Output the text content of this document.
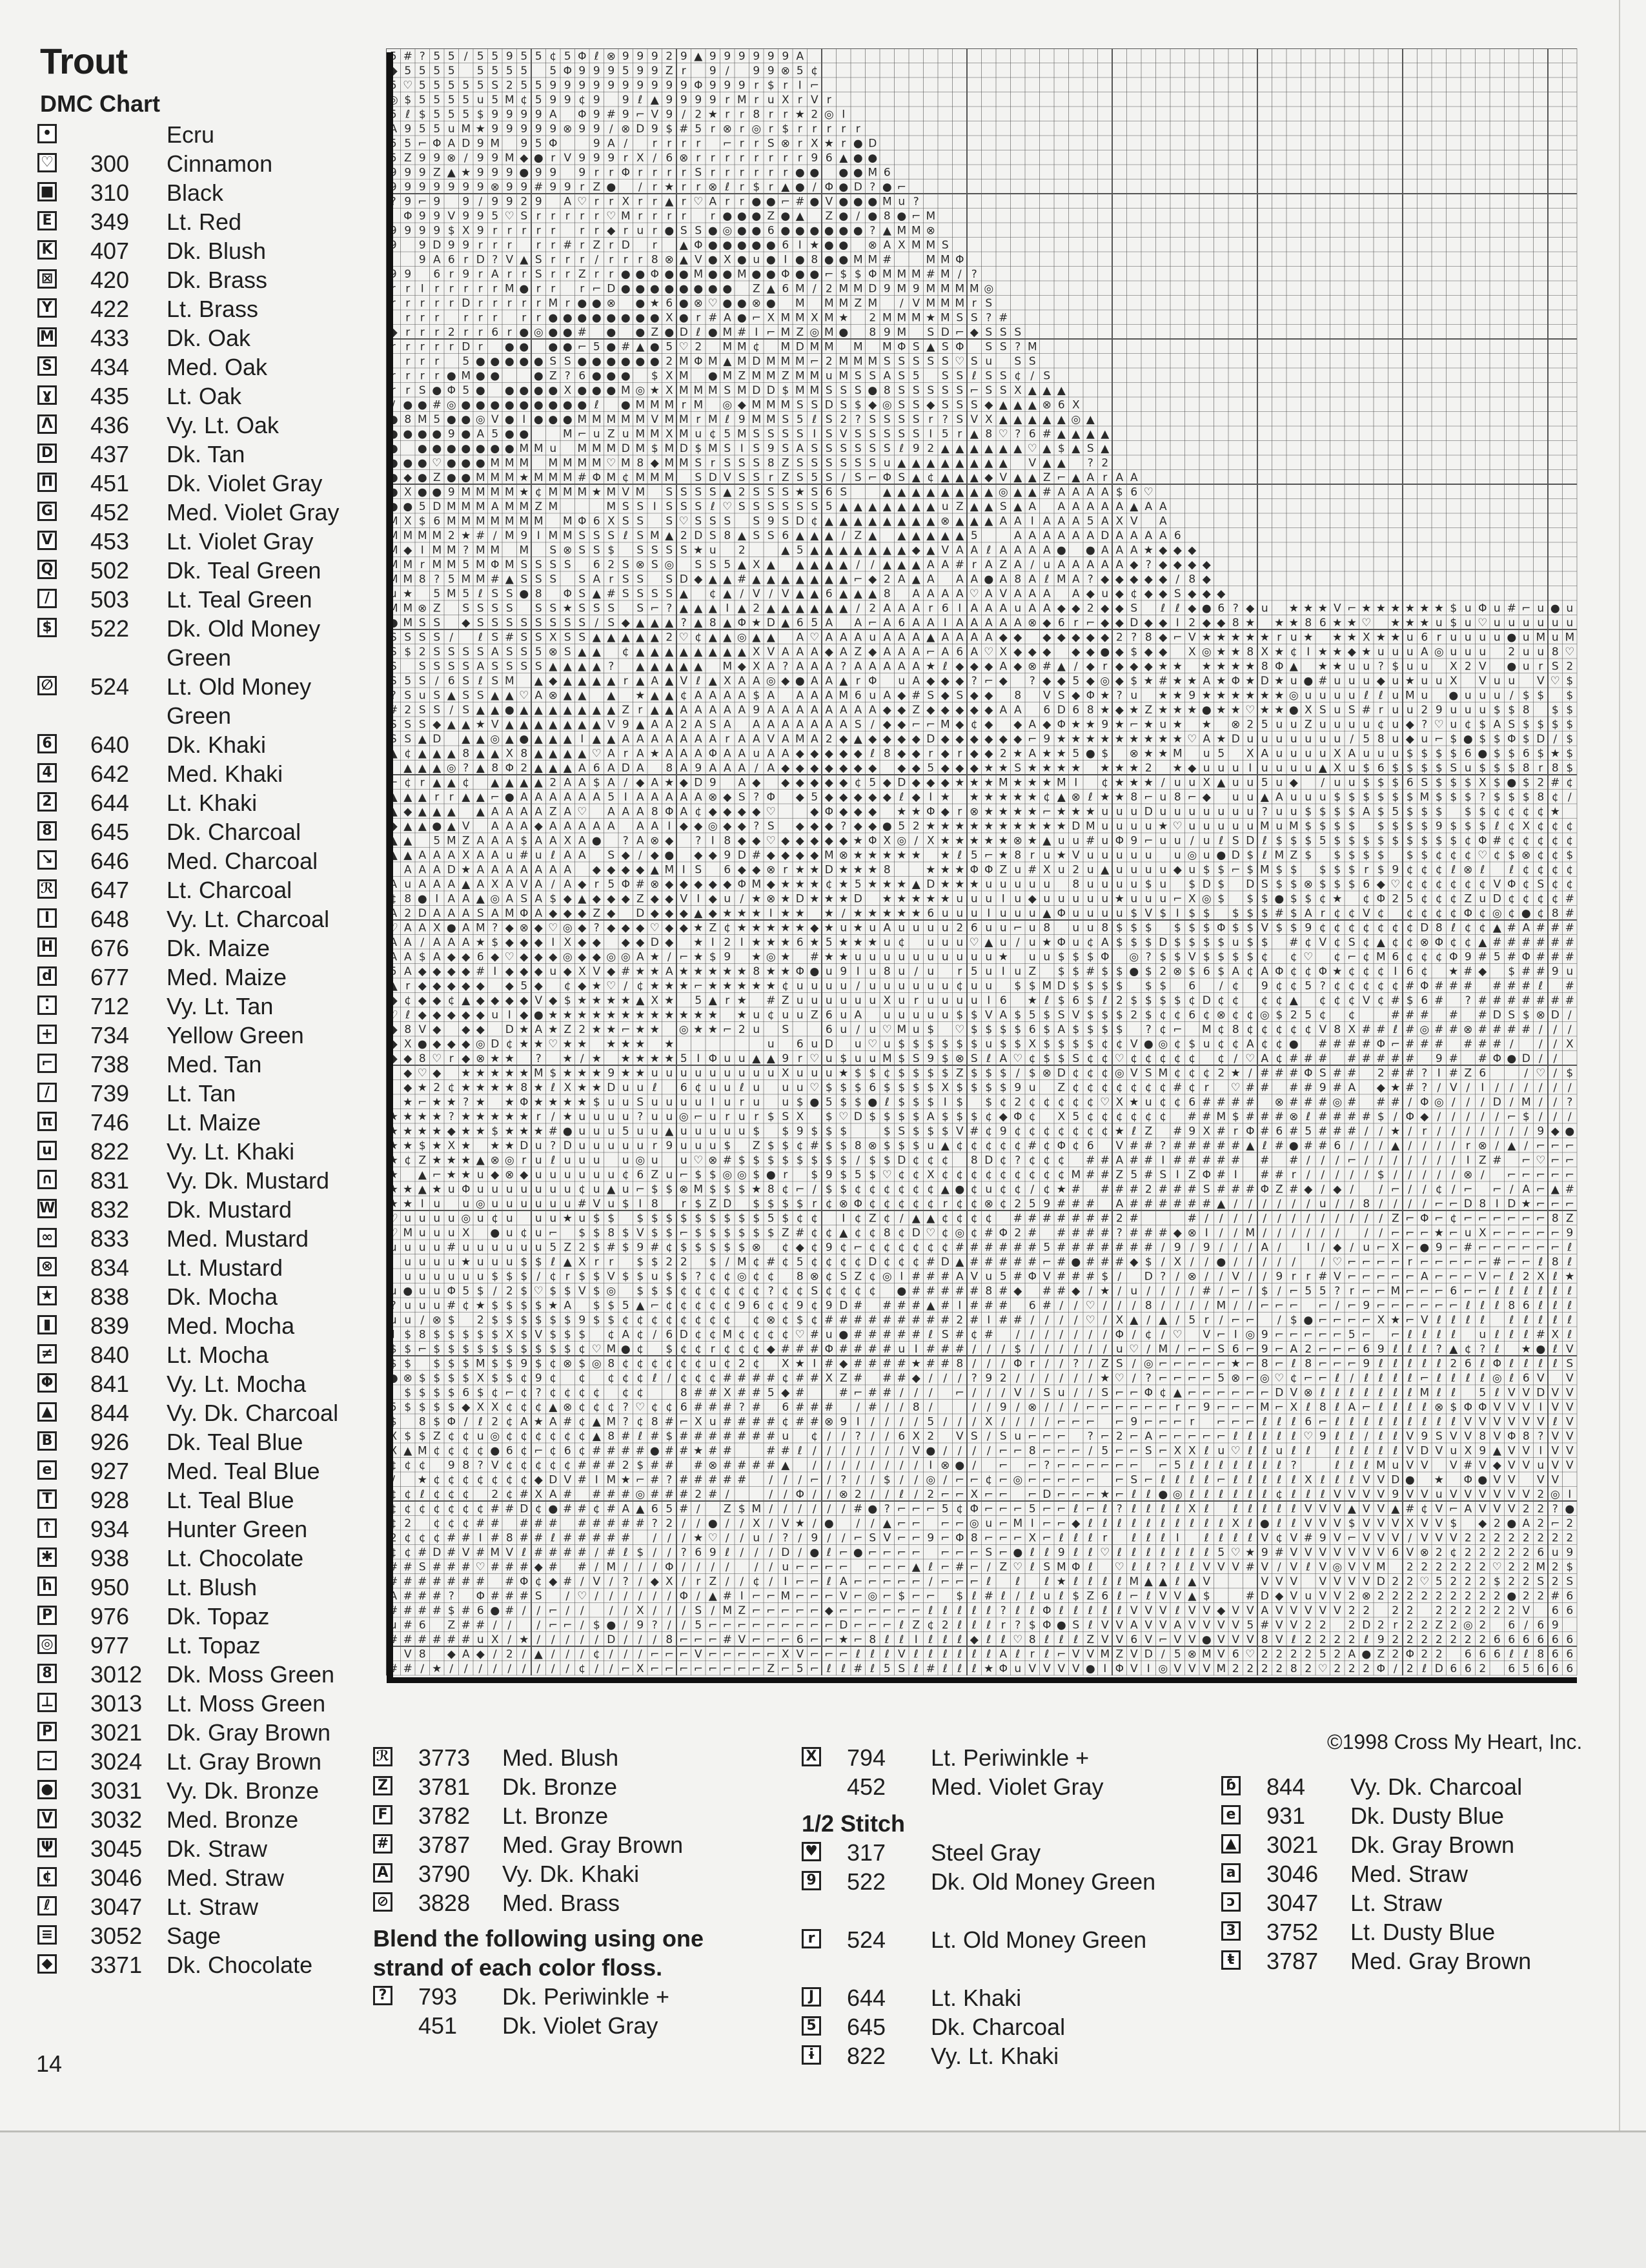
Trout
DMC Chart
•	Ecru
♡ 300	Cinnamon
■ 310	Black
E 349	Lt. Red
K 407	Dk. Blush
⊠ 420	Dk. Brass
Y 422	Lt. Brass
M 433	Dk. Oak
S 434	Med. Oak
ɣ 435	Lt. Oak
Λ 436	Vy. Lt. Oak
D 437	Dk. Tan
Π 451	Dk. Violet Gray
G 452	Med. Violet Gray
V 453	Lt. Violet Gray
Q 502	Dk. Teal Green
/	503	Lt. Teal Green
$ 522	Dk. Old Money Green
∅ 524	Lt. Old Money Green
6 640	Dk. Khaki
4 642	Med. Khaki
2 644	Lt. Khaki
8 645	Dk. Charcoal
↘ 646	Med. Charcoal
ℛ 647	Lt. Charcoal
I	648	Vy. Lt. Charcoal
H 676	Dk. Maize
d 677	Med. Maize
⁚	712	Vy. Lt. Tan
+ 734	Yellow Green
⌐ 738	Med. Tan
∕	739	Lt. Tan
π 746	Lt. Maize
u 822	Vy. Lt. Khaki
∩ 831	Vy. Dk. Mustard
W 832	Dk. Mustard
∞ 833	Med. Mustard
⊗ 834	Lt. Mustard
★ 838	Dk. Mocha
▮ 839	Med. Mocha
≠ 840	Lt. Mocha
Φ 841	Vy. Lt. Mocha
▲ 844	Vy. Dk. Charcoal
B 926	Dk. Teal Blue
e 927	Med. Teal Blue
T 928	Lt. Teal Blue
↑ 934	Hunter Green
✱ 938	Lt. Chocolate
h 950	Lt. Blush
P 976	Dk. Topaz
◎ 977	Lt. Topaz
8 3012	Dk. Moss Green
⊥ 3013	Lt. Moss Green
P 3021	Dk. Gray Brown
~ 3024	Lt. Gray Brown
● 3031	Vy. Dk. Bronze
V 3032	Med. Bronze
Ψ 3045	Dk. Straw
¢ 3046	Med. Straw
ℓ 3047	Lt. Straw
≡ 3052	Sage
◆ 3371	Dk. Chocolate
5 # ? 5 5 ∕ 5 5 9 5 5 ¢ 5 Φ ℓ ⊗ 9 9 9 2 9 ▲ 9 9 9 9 9 9 A
◆ 5 5 5 5 5 5 5 5 5 Φ 9 9 9 5 9 9 Z r 9 ∕ 9 9 ⊗ 5 ¢
5 ♡ 5 5 5 5 5 S 2 5 5 9 9 9 9 9 9 9 9 9 9 Φ 9 9 9 r $ r I ⌐
◎ $ 5 5 5 5 u 5 M ¢ 5 9 9 ¢ 9 9 ℓ ▲ 9 9 9 9 r M r u X r V r
5 ℓ $ 5 5 5 $ 9 9 9 9 A Φ 9 # 9 ⌐ V 9 ∕ 2 ★ r r 8 r r ★ 2 ◎ I
A 9 5 5 u M ★ 9 9 9 9 9 ⊗ 9 9 ∕ ⊗ D 9 $ # 5 r ⊗ r ◎ r $ r r r r r
5 5 ⌐ Φ A D 9 M 9 5 Φ	9 A ∕ r r r r ⌐ r r S ⊗ r X ★ r ● D
5 Z 9 9 ⊗ ∕ 9 9 M ◆ ● r V 9 9 9 r X ∕ 6 ⊗ r r r r r r r r 9 6 ▲ ● ●
9 9 9 Z ▲ ★ 9 9 9 ● 9 9 9 r r Φ r r r r S r r r r r r ● ● ● ● M 6
9 9 9 9 9 9 9 ⊗ 9 9 # 9 9 r Z ● ∕ r ★ r r ⊗ ℓ r $ r ▲ ● ∕ Φ ● D ? ● ⌐
? 9 ⌐ 9 9 ∕ 9 9 2 9 A ♡ r r X r r ▲ r ♡ A r r ● ● ⌐ # ● V ● ● ● M u ?
Φ 9 9 V 9 9 5 ♡ S r r r r r ♡ M r r r r r ● ● ● Z ● ▲ Z ● ∕ ● 8 ● ⌐ M
9 9 9 9 $ X 9 r r r r r r r ◆ r u r ● S S ● ◎ ● ● 6 ● ● ● ● ● ● ? ▲ M M ⊗
9 9 D 9 9 r r r r r # r Z r D r ▲ Φ ● ● ● ● ● 6 I ★ ● ● ⊗ A X M M S
9 A 6 r D ? V ▲ S r r r ∕ r r r 8 ⊗ ▲ V ● X ● u ● I ● 8 ● ● M M #	M M Φ
9 9 6 r 9 r A r r S r r Z r r ● ● Φ ● ● M ● ● M ● ● Φ ● ● ⌐ $ $ Φ M M M # M ∕ ?
r r I r r r r r M ● r r r ⌐ D ● ● ● ● ● ● ● ● Z ▲ 6 M ∕ 2 M M D 9 M 9 M M M M ◎
r r r r r D r r r r r M r ● ● ⊗ ● ★ 6 ● ⊗ ♡ ● ● ⊗ ● M M M Z M ∕ V M M M r S
r r r r r r r r ● ● ● ● ● ● ● ● X ● r # A ● ⌐ X M M X M ★ 2 M M M ★ M S S ? #
◆ r r r 2 r r 6 r ● ◎ ● ● # ● ● Z ● D ℓ ● M # I ⌐ M Z ◎ M ● 8 9 M S D ⌐ ◆ S S S
r r r r r D r ● ● ● ● ⌐ 5 ● # ▲ ● 5 ♡ 2 M M ¢ M D M M M M Φ S ▲ S Φ S S ? M
r r r 5 ● ● ● ● ● S S ● ● ● ● ● ● 2 M Φ M ▲ M D M M M ⌐ 2 M M M S S S S S ♡ S u S S
r r r r ● M ● ●	● Z ? 6 ● ● ● $ X M ● M Z M M Z M M u M S S A S 5 S S ℓ S S ¢ ∕ S
r r S ● Φ 5 ● ● ● ● ● X ● ● ● M ◎ ★ X M M M S M D D $ M M S S S ● 8 S S S S S ⌐ S S X ▲ ▲ ▲
∕ ● ● # ◎ ● ● ● ● ● ● ● ● ● ℓ ● M M M r M ◎ ◆ M M M S S D S $ ◆ ◎ S S ◆ S S S ◆ ▲ ▲ ▲ ⊗ 6 X
● 8 M 5 ● ● ◎ V ● I ● ● ● M M M M M V M M r M ℓ 9 M M S 5 ℓ S 2 ? S S S S r ? S V X ▲ ▲ ▲ ▲ ▲ ◎ ▲
● ● ● ● 9 ● A 5 ● ●	M ⌐ u Z u M M X M u ¢ 5 M S S S S I S V S S S S S I 5 r ▲ 8 ♡ ? 6 # ▲ ▲ ▲ ▲
● ● ● ● ● ● ● ● M M u M M M D M $ M D $ M S I S 9 S A S S S S S S ℓ 9 2 ▲ ▲ ▲ ▲ ▲ ▲ ♡ ▲ $ ▲ S ▲
● ● ● ♡ ● ● ● M M M M M M M ♡ M 8 ◆ M M S r S S S 8 Z S S S S S S u ▲ ▲ ▲ ▲ ▲ ▲ ▲ ▲ V ▲ ▲ ? 2
● ◆ ● Z ● ● M M M ★ M M M # Φ M ¢ M M M S D V S S r Z S 5 S ∕ S ⌐ Φ S ▲ ¢ ▲ ▲ ▲ ◆ V ▲ ▲ Z ⌐ ▲ A r A A
● X ● ● 9 M M M M ★ ¢ M M M ★ M V M S S S S ▲ 2 S S S ★ S 6 S	▲ ▲ ▲ ▲ ▲ ▲ ▲ ▲ ◎ ▲ ▲ # A A A A $ 6 ♡
● ● 5 D M M M A M M Z M	M S S I S S S ℓ ♡ S S S S S S 5 ▲ ▲ ▲ ▲ ▲ ▲ ▲ u Z ▲ ▲ S ▲ A A A A A A ▲ A A
M X $ 6 M M M M M M M M Φ 6 X S S S ♡ S S S S 9 S D ¢ ▲ ▲ ▲ ▲ ▲ ▲ ▲ ▲ ⊗ ▲ ▲ ▲ A A I A A A 5 A X V A
M M M M 2 ★ # ∕ M 9 I M M S S S ℓ S M ▲ 2 D S 8 ▲ S S 6 ▲ ▲ ▲ ∕ Z ▲ ▲ ▲ ▲ ▲ ▲ 5	A A A A A A D A A A A 6
M ◆ I M M ? M M M S ⊗ S S $ S S S S ★ u 2	▲ 5 ▲ ▲ ▲ ▲ ▲ ▲ ▲ ◆ ▲ V A A ℓ A A A A ● ● A A A ★ ◆ ◆ ◆
M M r M M 5 M Φ M S S S S 6 2 S ⊗ S ◎ S S 5 ▲ X ▲ ▲ ▲ ▲ ▲ ∕ ∕ ▲ ▲ ▲ A A # r A Z A ∕ u A A A A A ◆ ? ◆ ◆ ◆ ◆
M M 8 ? 5 M M # ▲ S S S S A r S S S D ◆ ▲ ▲ # ▲ ▲ ▲ ▲ ▲ ▲ ▲ ⌐ ◆ 2 A ▲ A A A ● A 8 A ℓ M A ? ◆ ◆ ◆ ◆ ◆ ∕ 8 ◆
u ★ 5 M 5 ℓ S S ● 8 Φ S ▲ # S S S S ▲ ¢ ▲ ∕ V ∕ V ▲ ▲ 6 ▲ ▲ ▲ 8 A A A A ♡ A V A A A A ◆ u ◆ ¢ ◆ ◆ S ◆ ◆ ◆
M M ⊗ Z S S S S S S ★ S S S S ⌐ ? ▲ ▲ ▲ I ▲ 2 ▲ ▲ ▲ ▲ ▲ ▲ ∕ 2 A A A r 6 I A A A u A A ◆ ◆ 2 ◆ ◆ S ℓ ℓ ◆ ● 6 ? ◆ u ★ ★ ★ V ⌐ ★ ★ ★ ★ ★ ★ $ u Φ u # ⌐ u ● u
● M S S ◆ S S S S S S S S ∕ S ◆ ▲ ▲ ▲ ? ▲ 8 ▲ Φ ★ D ▲ 6 5 A A ⌐ A 6 A A I A A A A A ⊗ ◆ 6 r ⌐ ◆ ◆ D ◆ ◆ I 2 ◆ ◆ 8 ★ ★ ★ 8 6 ★ ★ ♡ ★ ★ ★ u $ u ♡ u u u u u u
S S S S ∕ ℓ S # S S X S S ▲ ▲ ▲ ▲ ▲ 2 ♡ ¢ ▲ ▲ ◎ ▲ ▲ A ♡ A A A u A A A ▲ A A A A ◆ ◆ ◆ ◆ ◆ ◆ ◆ 2 ? 8 ◆ ⌐ V ★ ★ ★ ★ ★ r u ★ ★ ★ X ★ ★ u 6 r u u u u ● u M u M
S $ 2 S S S S A S S 5 ⊗ S ▲ ▲ ¢ ▲ ▲ ▲ ▲ ▲ ▲ ▲ ▲ X V A A A ◆ A Z ◆ A A A ⌐ A 6 A ♡ X ◆ ◆ ◆ ◆ ◆ ● ◆ $ ◆ ◆ X ◎ ★ ★ 8 X ★ ¢ I ★ ★ ◆ ★ u u u A ◎ u u u 2 u u 8 ♡
S S S S S A S S S S ▲ ▲ ▲ ▲ ? ▲ ▲ ▲ ▲ ▲ M ◆ X A ? A A A ? A A A A A ★ ℓ ◆ ◆ ◆ A ◆ ⊗ # ▲ ∕ ◆ r ◆ ◆ ◆ ★ ★ ★ ★ ★ ★ 8 Φ ▲ ★ ★ u u ? $ u u X 2 V ● u r S 2
S 5 S ∕ 6 S ℓ S M ▲ ◆ ▲ ▲ ▲ ▲ r ▲ A ▲ V ℓ ▲ X A A ◎ ◆ ● A A ▲ r Φ u A ◆ ◆ ◆ ? ⌐ ◆ ? ◆ ◆ 5 ◆ ◎ ◆ $ ★ # ★ ★ A ★ Φ ★ D ★ u ● # u u u ◆ u ★ u u X V u u V ♡ $
? S u S ▲ S S ▲ ▲ ♡ A ⊗ ▲ ▲ ▲ ★ ▲ ▲ ¢ A A A A $ A A A A M 6 u A ◆ # S ◆ S ◆ ◆ 8 V S ◆ Φ ★ ? u ★ ★ 9 ★ ★ ★ ★ ★ ★ ◎ u u u u ℓ ℓ u M u ● u u u ∕ $ $ $
# 2 S S ∕ S ▲ ▲ ● ▲ ▲ ▲ ▲ ▲ ▲ ▲ Z r ▲ ▲ A A A A A 9 A A A A A A A A ◆ ◆ Z ◆ ◆ ◆ ◆ ◆ A A 6 D 6 8 ★ ◆ ★ Z ★ ★ ★ ● ★ ★ ♡ ★ ★ ● X S u S # r u u 2 9 u u u $ $ 8 $ $
S S S ◆ ▲ ▲ ★ V ▲ ▲ ▲ ▲ ▲ ▲ ▲ V 9 ▲ A A 2 A S A A A A A A A A S ∕ ◆ ◆ ⌐ ⌐ M ◆ ¢ ◆ ◆ A ◆ Φ ★ ★ 9 ★ ⌐ ★ u ★ ★ ⊗ 2 5 u u Z u u u u ¢ u ◆ ? ♡ u ¢ $ A S $ $ $ $
S S ▲ D ▲ ▲ ◎ ▲ ● ▲ ▲ ▲ I ▲ ▲ A A A A A A A r A A V A M A 2 ◆ ▲ ◆ ◆ ◆ ◆ D ◆ ◆ ◆ ◆ ◆ ◆ ⌐ 9 ★ ★ ★ ★ ★ ★ ★ ★ ★ ♡ A ★ D u u u u u u u ∕ 5 8 u ◆ u ⌐ $ ● $ $ Φ $ D ∕ $
▲ ¢ ▲ ▲ ▲ 8 ▲ ▲ X 8 ▲ ▲ ▲ ▲ ♡ A r A ★ A A A Φ A A u A A ◆ ◆ ◆ ◆ ◆ ℓ 8 ◆ ◆ r ◆ r ◆ ◆ 2 ★ A ★ ★ 5 ● $ ⊗ ★ ★ M u 5 X A u u u u X A u u u $ $ $ $ 6 ● $ $ 6 $ ★ $
▲ ▲ ▲ ◎ ? ▲ 8 Φ 2 ▲ ▲ ▲ A 6 A D A 8 A 9 A A A ∕ A ◆ ◆ ◆ ◆ ◆ ◆ ◆ ◆ ◆ 5 ◆ ◆ ◆ ★ ★ S ★ ★ ★ ★ ★ ★ ★ 2 ★ ◆ u u u I u u u u ▲ X u $ 6 $ $ $ $ S u $ $ $ 8 r 8 $
⌐ ¢ r ▲ ▲ ¢ ▲ ▲ ▲ ▲ 2 A A $ A ∕ ◆ A ★ ◆ D 9 A ◆ ◆ ◆ ◆ ◆ ◆ ¢ 5 ◆ D ◆ ◆ ◆ ★ ★ ★ M ★ ★ ★ M I ¢ ★ ★ ★ ∕ u u X ▲ u u 5 u ◆ ∕ u u $ $ $ 6 S $ $ $ X $ ● $ 2 # ¢
▲ ▲ ▲ r r ▲ ▲ ⌐ ● A A A A A A 5 I A A A A A ⊗ ◆ S ? Φ ◆ 5 ◆ ◆ ◆ ◆ ◆ ℓ ◆ I ★ ★ ★ ★ ★ ★ ¢ ▲ ⊗ ℓ ★ ★ 8 ⌐ u 8 ⌐ ◆ u u ▲ A u u u $ $ $ $ $ $ M $ $ $ ? $ $ $ 8 ¢ ∕
▲ ◆ ▲ ▲ ▲ ▲ A A A A Z A ♡ A A A 8 Φ A ¢ ◆ ◆ ◆ ◆ ♡	◆ Φ ◆ ◆ ◆ ★ ★ Φ ◆ r ⊗ ★ ★ ★ ★ ⌐ ★ ★ ★ u u u D u u u u u u u ? u u $ $ $ $ A $ 5 $ $ $ $ $ ¢ ¢ ¢ ¢ ★
◆ ▲ ▲ ● ▲ V A A A ◆ A A A A A A A I ◆ ◆ ◎ ◆ ◆ ? S ◆ ◆ ◆ ? ◆ ◆ ● 5 2 ★ ★ ★ ★ ★ ★ ★ ★ ★ ★ D M u u u u ★ ♡ u u u u u M u M $ $ $ $ $ $ $ $ 9 $ $ $ ℓ ¢ X ¢ ¢ ¢
▲ ▲ 5 M Z A A A $ A A X A ● ? A ⊗ ◆ ? I 8 ◆ ◆ ♡ ◆ ◆ ◆ ◆ ◆ ★ Φ X ◎ ∕ X ★ ★ ★ ★ ★ ⊗ ★ ▲ u u # u Φ 9 ⌐ u u ∕ u ℓ S D ℓ $ $ $ 5 $ $ $ $ $ $ $ $ $ ¢ Φ # ¢ ¢ ¢ ¢ ¢
▲ ▲ A A A X A A u # u ℓ A A S ◆ ∕ ◆ ● ◆ ◆ 9 D # ◆ ◆ ◆ ◆ M ⊗ ★ ★ ★ ★ ★ ★ ℓ 5 ⌐ ★ 8 r u ★ V u u u u u u ◎ u ● D $ ℓ M Z $ $ $ $ $ $ $ ¢ ¢ ¢ ♡ ¢ $ ⊗ ¢ ¢ $
A A A D ★ A A A A A A A ◆ ◆ ◆ ◆ ▲ M I S 6 ◆ ◆ ⊗ r ★ ★ D ★ ★ ★ 8	★ ★ ★ Φ Φ Z u # X u 2 u ▲ u u u u ◆ u $ $ ⌐ $ M $ $ $ $ $ r $ 9 ¢ ¢ ¢ ℓ ⊗ ℓ ℓ ¢ ¢ ¢ ¢
A u A A A ▲ A X A V A ∕ A ◆ r 5 Φ # ⊗ ◆ ◆ ◆ ◆ ◆ Φ M ◆ ★ ★ ★ ¢ ★ 5 ★ ★ ★ ▲ D ★ ★ ★ u u u u u 8 u u u u $ u $ D $ D S $ $ ⊗ $ $ $ 6 ◆ ♡ ¢ ¢ ¢ ¢ ¢ ¢ V Φ ¢ S ¢ ¢
¢ 8 ● I A A ▲ ◎ A S A $ ◆ ▲ ◆ ◆ ◆ Z ◆ ◆ V I ◆ u ∕ ★ ⊗ ★ D ★ ★ ★ D ★ ★ ★ ★ ★ u u u I u ◆ u u u u u ★ u u u ⌐ X ◎ $ $ $ ● $ $ ¢ ★ ¢ Φ 2 5 ¢ ¢ ¢ Z u D ¢ ¢ ¢ ¢ #
A 2 D A A A S A M Φ A ◆ ◆ ◆ Z ◆ D ◆ ◆ ◆ ▲ ◆ ★ ★ ★ I ★ ★ ★ ∕ ★ ★ ★ ★ ★ 6 u u u I u u u ▲ Φ u u u u $ V $ I $ $ $ $ $ # $ A r ¢ ¢ V ¢ ¢ ¢ ¢ ¢ Φ ¢ ◎ ¢ ● ¢ 8 #
♡ A A X ● A M ? ◆ ⊗ ◆ ♡ ◎ ◆ ? ◆ ◆ ◆ ♡ ◆ ◆ ★ Z ¢ ★ ★ ★ ★ ★ ◆ ★ u ★ u A u u u u 2 6 u u ⌐ u 8 u u 8 $ $ $ $ $ $ Φ $ $ V $ $ 9 ¢ ¢ ¢ ¢ ¢ ¢ ¢ D 8 ℓ ¢ ¢ ▲ # A # # #
A A ∕ A A A ★ $ ◆ ◆ ◆ I X ◆ ◆ ◆ ◆ D ◆ ★ I 2 I ★ ★ ★ 6 ★ 5 ★ ★ ★ u ¢ u u u ♡ ▲ u ∕ u ★ Φ u ¢ A $ $ $ D $ $ $ $ u $ $ # ¢ V ¢ S ¢ ▲ ¢ ¢ ⊗ Φ ¢ ¢ ▲ # # # # # #
A A $ A ◆ ◆ 6 ◆ ♡ ◆ ◆ ◆ ◎ ◆ ◆ ◎ ◎ A ★ ∕ ⌐ ★ $ 9 ★ ◎ ★ # ★ ★ u u u u u u u u u u ★ u u $ $ $ Φ ◎ ? $ $ V $ $ $ $ ¢ ¢ ♡ ¢ ⌐ ¢ M 6 ¢ ¢ ¢ Φ 9 # 5 # Φ # # #
5 A ◆ ◆ ◆ ◆ # I ◆ ◆ ◆ u ◆ X V ◆ # ★ ★ A ★ ★ ★ ★ ★ 8 ★ ★ Φ ● u 9 I u 8 u ∕ u r 5 u I u Z $ $ # $ $ ● $ 2 ⊗ $ 6 $ A ¢ A Φ ¢ ¢ Φ ★ ¢ ¢ ¢ I 6 ¢ ★ # ◆ $ # # 9 u
▲ r ◆ ◆ ◆ ◆ ◆ ◆ 5 ◆ ¢ ◆ ★ ♡ ∕ ¢ ★ ★ ★ ⌐ ★ ★ ★ ★ ★ ¢ u u u u ∕ u u u u u u ¢ u u $ $ M D $ $ $ $ $ $ 6 ∕ ¢ 9 ¢ ¢ 5 ? ¢ ¢ ¢ ¢ ¢ # Φ # # # # # # ℓ #
◆ ¢ ◆ ◆ ¢ ▲ ◆ ◆ ◆ ◆ V ◆ $ ★ ★ ★ ★ ▲ X ★ 5 ▲ r ★ # Z u u u u u u X u r u u u u I 6 ★ ℓ $ 6 $ ℓ 2 $ $ $ $ ¢ D ¢ ¢ ¢ ¢ ▲ ¢ ¢ ¢ V ¢ # $ 6 # ? # # # # # # #
♡ ℓ ◆ ◆ ◆ ◆ ◆ u I ◆ ● ★ ★ ★ ★ ★ ★ ★ ★ ★ ★ ★ ★ ★ u ¢ u u Z 6 u A u u u u u $ $ V A $ 5 $ S V $ $ $ 2 $ ¢ ¢ 6 ¢ ⊗ ¢ ¢ ◎ $ 2 5 ¢ ¢	# # # # # D S $ ⊗ D ∕
◆ 8 V ◆ ◆ ◆ D ★ A ★ Z 2 ★ ★ ⌐ ★ ★ ◎ ★ ★ ⌐ 2 u S	6 u ∕ u ♡ M u $ ♡ $ $ $ $ 6 $ A $ $ $ $ ? ¢ ⌐ M ¢ 8 ¢ ¢ ¢ ¢ ¢ V 8 X # # ℓ # ◎ # # ⊗ # # # # ∕ ∕ ∕
◆ X ● ◆ ◆ ◆ ◎ D ¢ ★ ★ ♡ ★ ★ ★ ★ ★ ★	u 6 u D u ♡ u $ $ $ $ $ $ u $ $ X $ $ $ $ ¢ ¢ V ● ◎ ¢ $ u ¢ ¢ A ¢ ¢ ● # # # # Φ ⌐ # # # # # # ∕ ∕ ∕ X
◆ ◆ 8 ♡ r ◆ ⊗ ★ ★ ? ★ ∕ ★ ★ ★ ★ ★ 5 I Φ u u ▲ ▲ 9 r ♡ u $ u u M $ S 9 $ ⊗ S ℓ A ♡ ¢ $ $ S ¢ ¢ ♡ ¢ ¢ ¢ ¢ ¢ ¢ ∕ ♡ A ¢ # # # # # # # # 9 # # Φ ● D ∕ ∕
◆ ♡ ◆ ★ ★ ★ ★ ★ M $ ★ ★ ★ 9 ★ ★ u u u u u u u u u X u u u ★ $ $ ¢ $ $ $ $ Z $ $ $ ∕ $ ⊗ D ¢ ¢ ¢ ◎ V S M ¢ ¢ ¢ 2 ★ ∕ # # # Φ S # # 2 # # ? I # Z 6	∕ ♡ ∕ $
◆ ★ 2 ¢ ★ ★ ★ ★ 8 ★ ℓ X ★ ★ D u u ℓ 6 ¢ u u ℓ u u u ♡ $ $ $ 6 $ $ $ $ X $ $ $ $ 9 u Z ¢ ¢ ¢ ¢ ¢ ¢ ¢ # ¢ r ♡ # # # # 9 # A ◆ ★ # ? ∕ V ∕ I ∕ ∕ ∕ ∕ ∕ ∕
★ ⌐ ★ ★ ? ★ ★ Φ ★ ★ ★ ★ $ u u S u u u u I u r u u $ ● 5 $ $ ● ℓ $ $ $ I $ $ ¢ 2 ¢ ¢ ¢ ¢ ¢ ♡ X ★ u ¢ ¢ 6 # # # # ⊗ # # # ◎ # # # ∕ Φ ◎ ∕ ∕ ∕ D ∕ M ∕ ∕ ?
★ ★ ★ ★ ? ★ ★ ★ ★ ★ r ∕ ★ u u u u ? u u ◎ ⌐ u r u r $ S X $ ♡ D $ $ $ $ A $ $ $ ¢ ◆ Φ ¢ X 5 ¢ ¢ ¢ ¢ ¢ ¢ # # M $ # # # ⊗ ℓ # # # # $ ∕ Φ ◆ ∕ ∕ ∕ ∕ ∕ ⌐ $ ∕ ∕ ∕
★ ★ ★ ★ ◆ ★ ★ $ ★ ★ ★ # ● u u u 5 u u ▲ u u u u u $ $ 9 $ $ $	$ S $ $ $ V # ¢ 9 ¢ ¢ ¢ ¢ ¢ ¢ ¢ ★ ℓ Z # 9 X # r Φ # 6 # 5 # # # ∕ ∕ ★ ∕ r ∕ ∕ ∕ ∕ ∕ ∕ ∕ 9 ◆ ●
★ ★ $ ★ X ★ ★ ★ D u ? D u u u u u r 9 u u u $ Z $ $ ¢ # $ $ 8 ⊗ $ $ $ u ▲ ¢ ¢ ¢ ¢ ¢ # ¢ Φ ¢ 6 V # # ? # # # # # ▲ ℓ # ● # # 6 ∕ ∕ ∕ ▲ ∕ ∕ ∕ ∕ r ⊗ ∕ ▲ ∕ ⌐ ⌐ ⌐
★ ¢ Z ★ ★ ★ ▲ ⊗ ◎ r u ℓ u u u u ◎ u u ♡ ⊗ # $ $ $ $ $ $ $ $ ∕ $ $ D ¢ ¢ ¢ 8 D ¢ ? ¢ ¢ ¢ # # A # # I # # # # # # # ∕ ∕ ∕ ⌐ ∕ ∕ ∕ ∕ ∕ ∕ ∕ I Z # ⌐ ♡ ⌐ ⌐
★ ▲ ⌐ ★ ★ u ◆ ⊗ ◆ u u u u u u ¢ 6 Z u ⌐ $ $ ◎ ◎ $ ● r $ 9 $ 5 $ ♡ ¢ ¢ X ¢ ¢ ¢ ¢ ¢ ¢ ¢ ¢ ¢ M # # Z 5 # S I Z Φ # I # # r ∕ ∕ ∕ ∕ ∕ $ ∕ ∕ ∕ ∕ ∕ ⊗ ∕ ⌐ ⌐ ⌐ ⌐ ⌐
★ ★ ▲ ★ u Φ u u u u u u u ¢ u ▲ u ⌐ $ $ ⊗ M $ $ $ ★ 8 ¢ ⌐ ∕ $ $ ¢ ¢ ¢ ¢ ¢ ¢ ▲ ● ¢ u ¢ ¢ ∕ ¢ ★ # # # # 2 # # # S # # # Φ Z # ◆ ∕ ◆ ∕ ∕ ⌐ ∕ ∕ ¢ ∕ ⌐ ⌐ ∕ A ⌐ ▲ #
★ ★ I u u ◎ u u u u u u # V u $ I 8 r $ Z D $ $ $ $ r ¢ ⊗ Φ ¢ ¢ ¢ ¢ ¢ r ¢ ¢ ⊗ ¢ 2 5 9 # # # A # # # # # # ▲ ∕ ∕ ∕ ∕ ∕ ∕ u ∕ ∕ 8 ∕ ∕ ∕ ∕ ⌐ ⌐ D 8 I D ★ ⌐ ⌐ ⌐
♡ u u u u ◎ u ¢ u u u ★ u $ $ $ $ $ $ $ $ $ $ $ 5 $ ¢ ¢ I ¢ Z ¢ ∕ ▲ ▲ ¢ ¢ ¢ ¢ # # # # # # # 2 #	# ∕ ∕ ∕ ∕ ∕ ∕ ∕ ∕ ∕ ∕ ∕ ∕ ∕ Z ⌐ Φ ⌐ ¢ ⌐ ⌐ ⌐ ⌐ ⌐ ⌐ 8 Z
♡ M u u u X ● u ¢ u ⌐ $ $ 8 $ V $ $ ⌐ $ $ $ $ $ $ Z # ¢ ¢ ▲ ¢ ¢ 8 ¢ D ♡ ¢ ◎ ¢ # Φ 2 # # # # # ? # # # ◆ ⊗ I ∕ ∕ M ∕ ∕ ∕ ∕ ∕ ∕ ∕ ∕ ⌐ ⌐ ⌐ ★ ⌐ u X ⌐ ⌐ ⌐ ⌐ ⌐ 9
u u u u # u u u u u u 5 Z 2 $ # $ 9 # ¢ $ $ $ $ $ ⊗ ¢ ◆ ¢ 9 ¢ ⌐ ¢ ¢ ¢ ¢ ¢ ¢ # # # # # # 5 # # # # # # # ∕ 9 ∕ 9 ∕ ∕ ∕ A ∕ I ∕ ◆ ∕ u ⌐ X ⌐ ● 9 ⌐ # ⌐ ⌐ ⌐ ⌐ ⌐ ⌐ ℓ
u u u u ★ u u u $ $ ℓ ▲ X r r $ $ 2 2 $ ∕ M ¢ # ¢ 5 ¢ ¢ ¢ ¢ D ¢ ¢ ¢ # D ▲ # # # # # ⌐ # ● # # # ◆ $ ∕ X ∕ ∕ ● ∕ ∕ ∕ ∕ ∕ ∕ ♡ ⌐ ⌐ ⌐ ⌐ r ⌐ ⌐ ⌐ ⌐ ⌐ # ⌐ ⌐ ℓ 8 ℓ
u u u u u u $ $ $ ∕ ¢ r $ $ V $ $ u $ $ ? ¢ ¢ ◎ ¢ ¢ 8 ⊗ ¢ S Z ¢ ◎ I # # # A V u 5 # Φ V # # # $ ∕ D ? ∕ ⊗ ∕ ∕ V ∕ ∕ 9 r r # V ⌐ ⌐ ⌐ ⌐ ⌐ A ⌐ ⌐ ⌐ V ⌐ ℓ 2 X ℓ ★
u ● u u Φ 5 $ ∕ 2 $ ♡ $ $ V $ ◎ $ $ $ ¢ ¢ ¢ ¢ ¢ ¢ ? ¢ ¢ S ¢ ¢ ¢ ¢ ● # # # # # 8 # ◆ # # ◆ ∕ ★ ∕ u ∕ ∕ ∕ ∕ # ∕ ⌐ ∕ $ ∕ ⌐ 5 5 ? r ⌐ ⌐ M ⌐ ⌐ ⌐ 6 ⌐ ⌐ ℓ ℓ ℓ ℓ ℓ ℓ
? u u u # ¢ ★ $ $ $ $ ★ A $ $ 5 ▲ ⌐ ¢ ¢ ¢ ¢ ¢ 9 6 ¢ ¢ 9 ¢ 9 D # # # # ▲ # I # # # 6 # ∕ ∕ ♡ ∕ ∕ ∕ 8 ∕ ∕ ∕ ∕ M ∕ ∕ ⌐ ⌐ ⌐ ⌐ ∕ ⌐ 9 ⌐ ⌐ ⌐ ⌐ ⌐ ⌐ ℓ ℓ ℓ 8 6 ℓ ℓ ℓ
u u ∕ ⊗ $ 2 $ $ $ $ $ $ 9 $ $ ¢ ¢ ¢ ¢ ¢ ¢ ¢ ¢ ¢ ⊗ ¢ $ ¢ # # # # # # # # # 2 # I # # ∕ ∕ ∕ ∕ ♡ ∕ X ▲ ∕ ▲ ∕ 5 r ∕ ⌐ ⌐ ∕ $ ● ⌐ ⌐ ⌐ ⌐ X ★ ⌐ V ℓ ℓ ℓ ℓ ℓ ℓ ℓ ℓ ℓ
I $ 8 $ $ $ $ $ X $ V $ $ $ ¢ A ¢ ∕ 6 D ¢ ¢ M ¢ ¢ ¢ ¢ ♡ # u ● # # # # # ℓ S # ¢ # ∕ ∕ ∕ ∕ ∕ ∕ ∕ Φ ∕ ¢ ∕ ♡ V ⌐ I ◎ 9 ⌐ ⌐ ⌐ ⌐ ⌐ 5 ⌐ ⌐ ℓ ℓ ℓ ℓ u ℓ ℓ ℓ # X ℓ
$ $ ⌐ $ $ $ $ $ $ $ $ $ $ ¢ ♡ M ● ¢ $ ¢ ¢ r ¢ ¢ ¢ ◆ # # # Φ # # # # u I # # # ∕ ∕ ∕ $ ∕ ∕ ∕ ∕ ∕ ∕ u ♡ ∕ M ∕ ⌐ ⌐ S 6 ⌐ 9 ⌐ A 2 ⌐ ⌐ ⌐ 6 9 ℓ ℓ ℓ ? ▲ ¢ ? ℓ ★ ● ℓ V
$ $ $ $ $ M $ $ 9 $ ¢ ⊗ $ ◎ 8 ¢ ¢ ¢ ¢ ¢ ¢ u ¢ 2 ¢ X ★ I # ◆ # # # # ★ # # 8 ∕ ∕ ∕ Φ r ∕ ∕ ? ∕ Z S ∕ ◎ ⌐ ⌐ ⌐ ⌐ ⌐ ★ ⌐ 8 ⌐ ℓ 8 ⌐ ⌐ ⌐ 9 ℓ ℓ ℓ ℓ ℓ 2 6 ℓ Φ ℓ ℓ ℓ ℓ S
● ⊗ $ $ $ $ X $ $ ¢ 9 ¢ ¢ ¢ ¢ ¢ ℓ ∕ ¢ ¢ ¢ # # # # ¢ # # X Z # # # ◆ ∕ ∕ ∕ ? 9 2 ∕ ∕ ∕ ∕ ∕ ∕ ★ ♡ ∕ ? ⌐ ⌐ ⌐ ⌐ 5 ⊗ ⌐ ◎ ♡ ¢ ⌐ ⌐ ℓ ∕ ℓ ℓ ℓ ℓ ⌐ ℓ ℓ ℓ ℓ ◎ ℓ 6 V V
$ $ $ $ 6 $ ¢ ⌐ ¢ ? ¢ ¢ ¢ ¢ ¢ ¢	8 # # X # # 5 ◆ #	# ⌐ # # ∕ ∕ ∕ ⌐ ∕ ∕ ∕ V ∕ S u ∕ ∕ S ⌐ ⌐ Φ ¢ ▲ ⌐ ⌐ ⌐ ⌐ ⌐ ⌐ D V ⊗ ℓ ℓ ℓ ℓ ℓ ℓ ℓ M ℓ ℓ 5 ℓ V V D V V
5 $ $ $ $ ◆ X X ¢ ¢ ¢ ▲ ⊗ ¢ ¢ ¢ ? ♡ ¢ ¢ 6 # # # ? # 6 # # # ∕ # ∕ ∕ 8 ∕	∕ ∕ 9 ∕ ⊗ ∕ ∕ ∕ ⌐ ⌐ ⌐ ⌐ ⌐ ⌐ r ⌐ 9 ⌐ ⌐ ⌐ M ⌐ X ℓ 8 ℓ A ⌐ ℓ ℓ ℓ ℓ ⊗ $ Φ Φ V V V I V V
$ 8 $ Φ ∕ ℓ 2 ¢ A ★ A # ¢ ▲ M ? ¢ 8 # ⌐ X u # # # # ¢ # # ⊗ 9 I ∕ ∕ ∕ ∕ 5 ∕ ∕ ∕ X ∕ ∕ ∕ ∕ ⌐ ⌐ ⌐ ⌐ 9 ⌐ ⌐ ⌐ r ⌐ ⌐ ⌐ ℓ ℓ ℓ 6 ⌐ ℓ ℓ ℓ ℓ ℓ ℓ ℓ ℓ ℓ V V V V V V ℓ V
X $ $ Z ¢ ¢ u ◎ ¢ ¢ ¢ ¢ ¢ ¢ ▲ 8 # ℓ # $ # # # # # # # u ¢ ∕ ∕ ? ∕ ∕ 6 X 2 V S ∕ S u ⌐ ⌐ ⌐ ? ⌐ 2 ⌐ A ⌐ ⌐ ⌐ ⌐ ⌐ ℓ ℓ ℓ ℓ ℓ ♡ 9 ℓ ℓ ∕ ℓ ℓ V 9 S V V 8 V Φ 8 ? V V
X ▲ M ¢ ¢ ¢ ¢ ● 6 ¢ ⌐ ¢ 6 ¢ # # # # ● # # ★ # #	# # ℓ ∕ ∕ ∕ ∕ ∕ ∕ ∕ V ● ∕ ∕ ∕ ∕ ⌐ ⌐ 8 ⌐ ⌐ ⌐ ∕ 5 ⌐ ⌐ S ⌐ X X ℓ u ♡ ℓ ℓ u ℓ ℓ ℓ ℓ ℓ ℓ ℓ V D V u X 9 ▲ V V I V V
¢ ¢ ¢ 9 8 ? V ¢ ¢ ¢ ¢ ¢ # # # 2 $ # # # ⊗ # # # # ▲ ∕ ∕ ∕ ∕ ∕ ∕ ∕ ∕ I ⊗ ● ∕ ⌐ ⌐ ? ⌐ ⌐ ⌐ ⌐ ⌐ ⌐ ⌐ 5 ℓ ℓ ℓ ℓ ℓ ℓ ℓ ?	ℓ ℓ ℓ M u V V V # V ◆ V V u V V
∕ ★ ¢ ¢ ¢ ¢ ¢ ¢ ¢ ◆ D V # I M ★ ⌐ # ? # # # # # ∕ ∕ ∕ ⌐ ∕ ? ∕ ∕ $ ∕ ∕ ◎ ∕ ⌐ ⌐ ¢ ⌐ ◎ ⌐ ⌐ ⌐ ⌐ ⌐ ⌐ S ⌐ ℓ ℓ ℓ ℓ ⌐ ℓ ℓ ℓ ℓ ℓ X ℓ ℓ ℓ V V D ● ★ Φ ● V V V V
¢ ¢ ℓ ¢ ¢ ¢ 2 ¢ # X A # # # # ◎ # # # 2 # ∕	∕ ∕ Φ ∕ ∕ ⊗ 2 ∕ ∕ ℓ ∕ 2 ⌐ ⌐ X ⌐ ⌐ ⌐ D ⌐ ⌐ ⌐ ★ ⌐ ℓ ℓ ● ◎ ℓ ℓ ℓ ℓ ℓ ℓ ¢ ℓ ℓ ℓ V V V V 9 V V u V V V V V V 2 ◎ I
¢ ¢ ¢ ¢ ¢ ¢ ¢ # # D ¢ ● # # ¢ # A ▲ 6 5 # ∕ Z $ M ∕ ∕ ∕ ∕ ∕ ∕ # ● ? ⌐ ⌐ ⌐ 5 ¢ Φ ⌐ ⌐ ⌐ 5 ⌐ ⌐ ℓ ⌐ ℓ ? ℓ ℓ ℓ ℓ X ℓ ℓ ℓ ℓ ℓ ℓ V V V ▲ V V ▲ # ¢ V ⌐ A V V V 2 2 ? ●
¢ 2 ¢ ¢ ¢ # # # # # # # # # # ? 2 ∕ ∕ ● ∕ ∕ X ∕ V ★ ∕ ● ∕ ∕ ▲ ⌐ ⌐ ⌐ ⌐ ◎ u ⌐ M I ⌐ ⌐ ◆ ℓ ℓ ℓ ℓ ℓ ℓ ℓ ℓ ℓ ℓ X ℓ ● ℓ ℓ V V V $ V V V X V V $ ◆ 2 ● A 2 ⌐ 2
2 ¢ ¢ ¢ # # I # 8 # # ℓ # # # # # ∕ ∕ ∕ ★ ♡ ∕ ∕ u ∕ ? ∕ 9 ∕ ∕ ⌐ S V ⌐ ⌐ 9 ⌐ Φ 8 ⌐ ⌐ ⌐ X ⌐ ℓ ℓ ℓ r ℓ ℓ ℓ I ℓ ℓ ℓ ℓ V ¢ V # 9 V ⌐ V V V ∕ V V V 2 2 2 2 2 2 2 2
¢ ¢ # D # V # M V ℓ # # # # ∕ # ℓ $ ∕ ∕ ? 6 9 ℓ ∕ ∕ ∕ D ∕ ● ℓ ⌐ ● ⌐ ⌐ ⌐ ⌐ ⌐ ⌐ ⌐ S ⌐ ● ℓ ℓ 9 ℓ ℓ ♡ ℓ ℓ ℓ ℓ ℓ ℓ ℓ 5 ♡ ★ 9 # V V V V V V V 6 V ⊗ 2 ¢ 2 2 2 2 2 6 u 9
# # S # # # ♡ # # # ◆ # # ∕ M ∕ ∕ ∕ Φ ∕ ∕ ∕ ∕ ∕ ∕ u ⌐ ⌐ ⌐ ⌐ ⌐ ⌐ ⌐ ▲ ℓ ⌐ # ⌐ ∕ Z ♡ ℓ S M Φ ℓ ♡ ℓ ℓ ? ℓ ℓ V V V # V ∕ V ℓ V ◎ V V M 2 2 2 2 2 2 ♡ 2 2 M 2 $
# # # # # # # # Φ ¢ ◆ # ∕ V ∕ ? ∕ ◆ X ∕ r Z ∕ ∕ ¢ ∕ I ⌐ ⌐ ℓ A ⌐ ⌐ ⌐ ⌐ ⌐ ∕ ⌐ ⌐ ⌐ ℓ ℓ ℓ ★ ℓ ℓ ℓ ℓ M ▲ ▲ ℓ ▲ V	V V V V V V V D 2 2 ♡ 5 2 2 2 $ 2 2 S 2 S
A # # # ? Φ # # # S ∕ ♡ ∕ ∕ ∕ ∕ ∕ ∕ Φ ∕ ▲ # I ⌐ ⌐ M ⌐ ⌐ ⌐ V ⌐ ◎ ⌐ $ ⌐ ⌐ $ ℓ # ℓ ∕ ℓ u ℓ $ Z 6 ℓ ⌐ ℓ V V ▲ $	# D ◆ V u V V 2 ⊗ 2 2 2 2 2 2 2 2 2 ● 2 2 # 6
# # # # $ # 6 ● # ∕ ∕ ⌐ ∕ ∕ ∕ ∕ X ∕ ∕ ∕ S ∕ M Z ⌐ ⌐ ⌐ ⌐ ⌐ ◆ ⌐ ⌐ ⌐ ⌐ ⌐ ⌐ ℓ ℓ ℓ ℓ ℓ ? ℓ ℓ Φ ℓ ℓ ℓ ℓ ℓ V V V ℓ V V ◆ V V A V V V V V 2 2 2 2 2 2 2 2 2 2 V 6 6
u # 6 Z # # ∕ ∕ ∕ ⌐ ⌐ ∕ $ ● ∕ 9 ? ∕ ∕ 5 ⌐ ⌐ ⌐ ⌐ ⌐ ⌐ ⌐ ⌐ ⌐ D ⌐ ⌐ ⌐ ℓ Z ¢ 2 ℓ ℓ ℓ r ? $ Φ ● S ℓ V V A V V A V V V V 5 # V V 2 2 2 D 2 r 2 2 Z 2 ◎ 2 6 ∕ 6 9
# # # # # # u X ∕ ★ ∕ ∕ ∕ ∕ ∕ D ∕ ∕ ∕ 8 ⌐ ⌐ ⌐ # V ⌐ ⌐ ⌐ 6 ⌐ ⌐ ★ ⌐ 8 ℓ ℓ I ℓ ℓ ℓ ◆ ℓ ℓ ♡ 8 ℓ ℓ ℓ Z V V 6 V ⌐ V V ● V V V 8 V ℓ 2 2 2 2 ℓ 9 2 2 2 2 2 2 2 6 6 6 6 6 6
V 8 ◆ A ◆ ∕ 2 ∕ ▲ ∕ ∕ ∕ ¢ ∕ ∕ ∕ ⌐ ⌐ ⌐ V ⌐ ⌐ ⌐ ⌐ ⌐ X V ⌐ ⌐ ⌐ ℓ ℓ ℓ V ℓ ℓ ℓ ℓ ℓ ℓ A ℓ r ℓ ⌐ V V M Z V D ∕ 5 ⊗ M V 6 ♡ 2 2 2 2 5 2 A ● Z 2 Φ 2 2 6 6 6 ℓ ℓ 8 6 6
# # ∕ ★ ∕ ∕ ∕ ∕ ∕ ∕ ∕ ∕ ∕ ¢ ∕ ∕ ⌐ X ⌐ ⌐ ⌐ ⌐ ⌐ ⌐ ⌐ ⌐ Z ⌐ 5 ⌐ ℓ ℓ # ℓ 5 S ℓ # ℓ ℓ ℓ ★ Φ u V V V V ● I Φ V I ◎ V V V M 2 2 2 2 8 2 ♡ 2 2 2 Φ ∕ 2 ℓ D 6 6 2 6 5 6 6 6
ℛ 3773	Med. Blush
Z 3781	Dk. Bronze
F 3782	Lt. Bronze
# 3787	Med. Gray Brown
A 3790	Vy. Dk. Khaki
⊘ 3828	Med. Brass
Blend the following using one strand of each color floss.
? 793	Dk. Periwinkle +
451	Dk. Violet Gray
X 794	Lt. Periwinkle +
452	Med. Violet Gray
1/2 Stitch
♥ 317	Steel Gray
9 522	Dk. Old Money Green
r 524	Lt. Old Money Green
J	644	Lt. Khaki
5 645	Dk. Charcoal
ɨ 822	Vy. Lt. Khaki
©1998 Cross My Heart, Inc.
ɓ 844	Vy. Dk. Charcoal
e 931	Dk. Dusty Blue
▲ 3021	Dk. Gray Brown
a 3046	Med. Straw
ↄ 3047	Lt. Straw
3 3752	Lt. Dusty Blue
ŧ 3787	Med. Gray Brown
14
